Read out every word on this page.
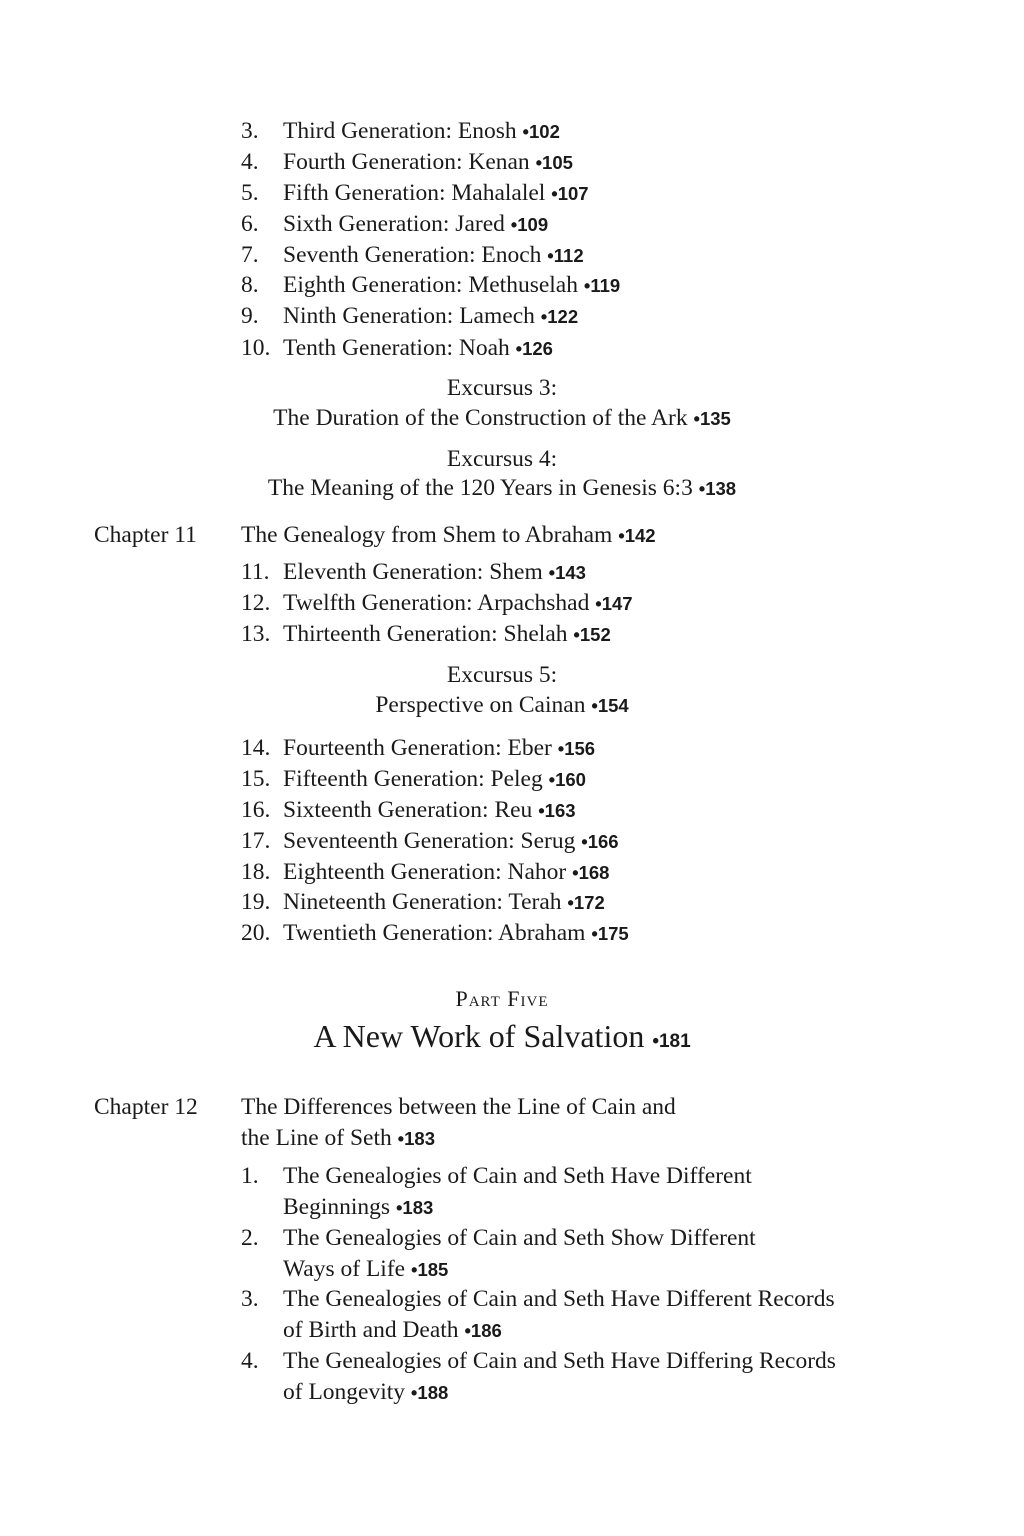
3.	Third Generation: Enosh • 102
4.	Fourth Generation: Kenan • 105
5.	Fifth Generation: Mahalalel • 107
6.	Sixth Generation: Jared • 109
7.	Seventh Generation: Enoch • 112
8.	Eighth Generation: Methuselah • 119
9.	Ninth Generation: Lamech • 122
10. Tenth Generation: Noah • 126
Excursus 3:
The Duration of the Construction of the Ark • 135
Excursus 4:
The Meaning of the 120 Years in Genesis 6:3 • 138
Chapter 11 The Genealogy from Shem to Abraham • 142
11. Eleventh Generation: Shem • 143
12. Twelfth Generation: Arpachshad • 147
13. Thirteenth Generation: Shelah • 152
Excursus 5:
Perspective on Cainan • 154
14. Fourteenth Generation: Eber • 156
15. Fifteenth Generation: Peleg • 160
16. Sixteenth Generation: Reu • 163
17. Seventeenth Generation: Serug • 166
18. Eighteenth Generation: Nahor • 168
19. Nineteenth Generation: Terah • 172
20. Twentieth Generation: Abraham • 175
Part Five
A New Work of Salvation • 181
Chapter 12 The Differences between the Line of Cain and
the Line of Seth • 183
1.	The Genealogies of Cain and Seth Have Different
Beginnings • 183
2.	The Genealogies of Cain and Seth Show Different
Ways of Life • 185
3.	The Genealogies of Cain and Seth Have Different Records
of Birth and Death • 186
4.	The Genealogies of Cain and Seth Have Differing Records
of Longevity • 188
